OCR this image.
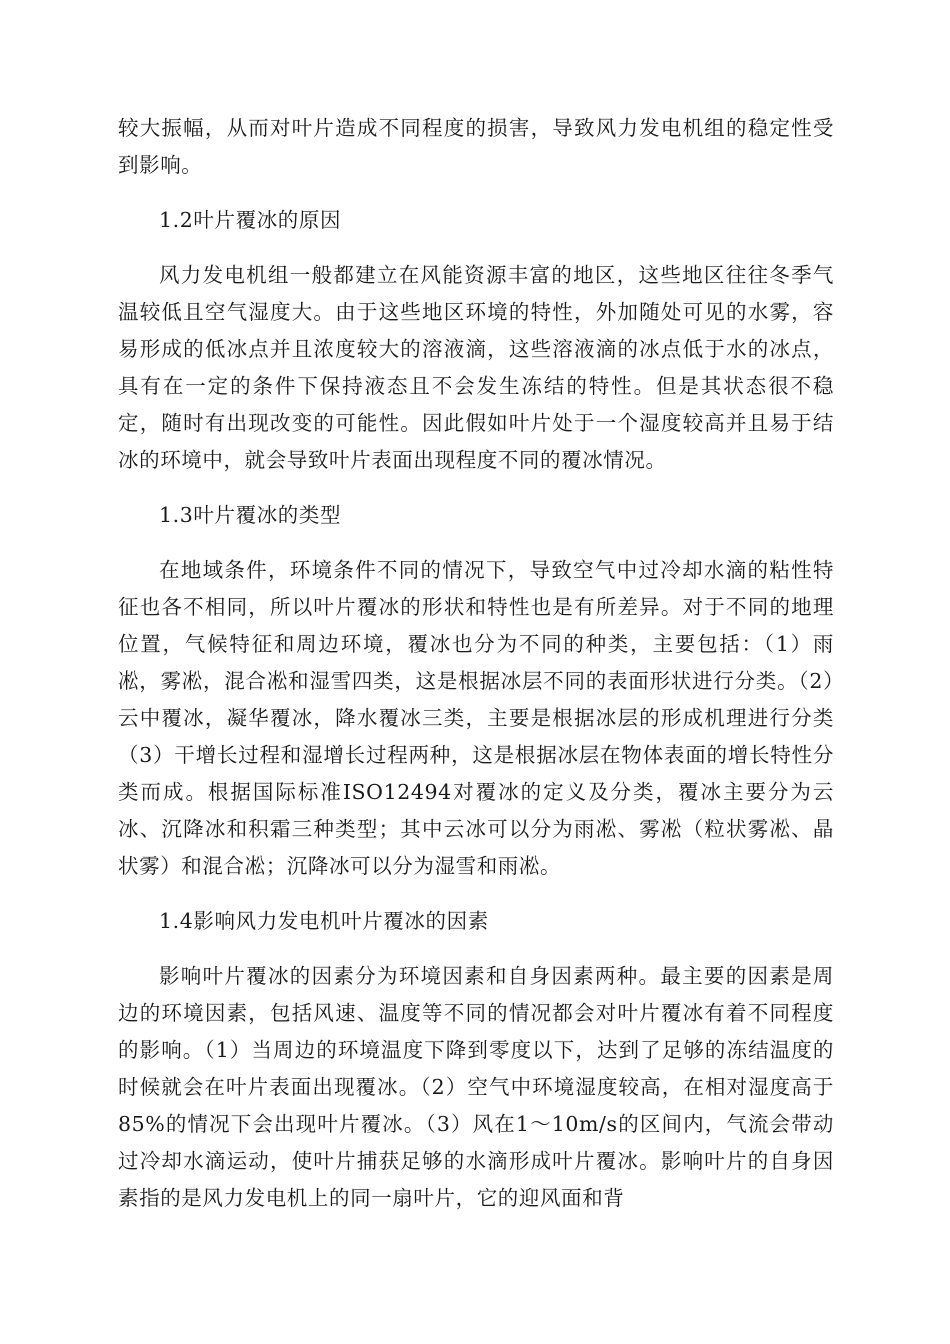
较大振幅，从而对叶片造成不同程度的损害，导致风力发电机组的稳定性受到影响。

1.2叶片覆冰的原因

风力发电机组一般都建立在风能资源丰富的地区，这些地区往往冬季气温较低且空气湿度大。由于这些地区环境的特性，外加随处可见的水雾，容易形成的低冰点并且浓度较大的溶液滴，这些溶液滴的冰点低于水的冰点，具有在一定的条件下保持液态且不会发生冻结的特性。但是其状态很不稳定，随时有出现改变的可能性。因此假如叶片处于一个湿度较高并且易于结冰的环境中，就会导致叶片表面出现程度不同的覆冰情况。

1.3叶片覆冰的类型

在地域条件，环境条件不同的情况下，导致空气中过冷却水滴的粘性特征也各不相同，所以叶片覆冰的形状和特性也是有所差异。对于不同的地理位置，气候特征和周边环境，覆冰也分为不同的种类，主要包括：（1）雨凇，雾凇，混合凇和湿雪四类，这是根据冰层不同的表面形状进行分类。（2）云中覆冰，凝华覆冰，降水覆冰三类，主要是根据冰层的形成机理进行分类（3）干增长过程和湿增长过程两种，这是根据冰层在物体表面的增长特性分类而成。根据国际标准ISO12494对覆冰的定义及分类，覆冰主要分为云冰、沉降冰和积霜三种类型；其中云冰可以分为雨凇、雾凇（粒状雾凇、晶状雾）和混合凇；沉降冰可以分为湿雪和雨凇。

1.4影响风力发电机叶片覆冰的因素

影响叶片覆冰的因素分为环境因素和自身因素两种。最主要的因素是周边的环境因素，包括风速、温度等不同的情况都会对叶片覆冰有着不同程度的影响。（1）当周边的环境温度下降到零度以下，达到了足够的冻结温度的时候就会在叶片表面出现覆冰。（2）空气中环境湿度较高，在相对湿度高于85%的情况下会出现叶片覆冰。（3）风在1～10m/s的区间内，气流会带动过冷却水滴运动，使叶片捕获足够的水滴形成叶片覆冰。影响叶片的自身因素指的是风力发电机上的同一扇叶片，它的迎风面和背
